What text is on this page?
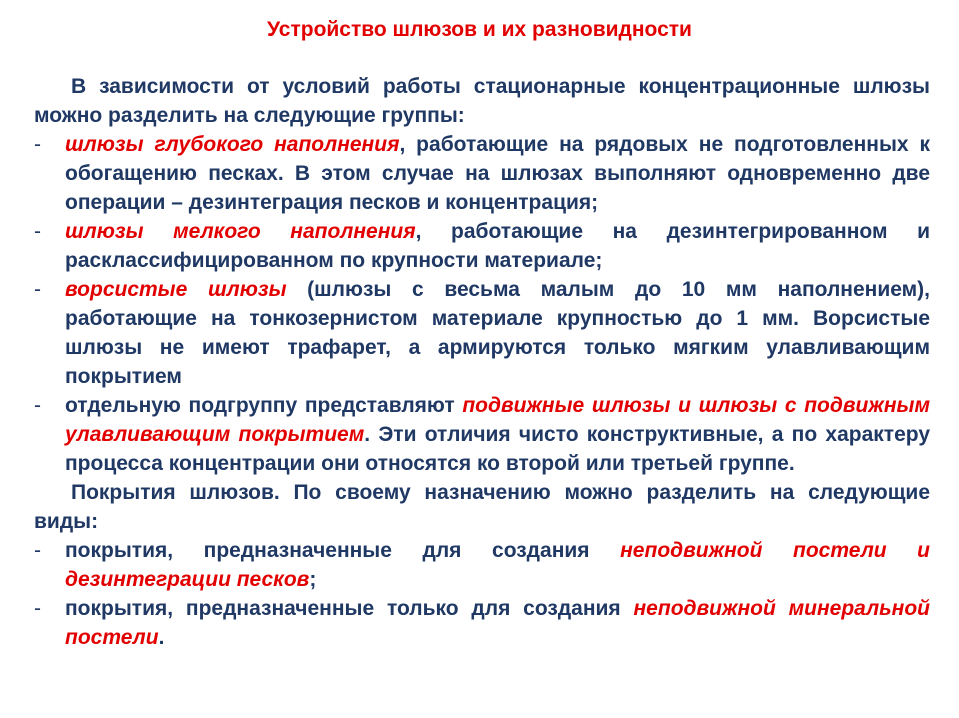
Устройство шлюзов и их разновидности

В зависимости от условий работы стационарные концентрационные шлюзы можно разделить на следующие группы:

- шлюзы глубокого наполнения, работающие на рядовых не подготовленных к обогащению песках. В этом случае на шлюзах выполняют одновременно две операции – дезинтеграция песков и концентрация;

- шлюзы мелкого наполнения, работающие на дезинтегрированном и расклассифицированном по крупности материале;

- ворсистые шлюзы (шлюзы с весьма малым до 10 мм наполнением), работающие на тонкозернистом материале крупностью до 1 мм. Ворсистые шлюзы не имеют трафарет, а армируются только мягким улавливающим покрытием

- отдельную подгруппу представляют подвижные шлюзы и шлюзы с подвижным улавливающим покрытием. Эти отличия чисто конструктивные, а по характеру процесса концентрации они относятся ко второй или третьей группе.

Покрытия шлюзов. По своему назначению можно разделить на следующие виды:

- покрытия, предназначенные для создания неподвижной постели и дезинтеграции песков;

- покрытия, предназначенные только для создания неподвижной минеральной постели.
